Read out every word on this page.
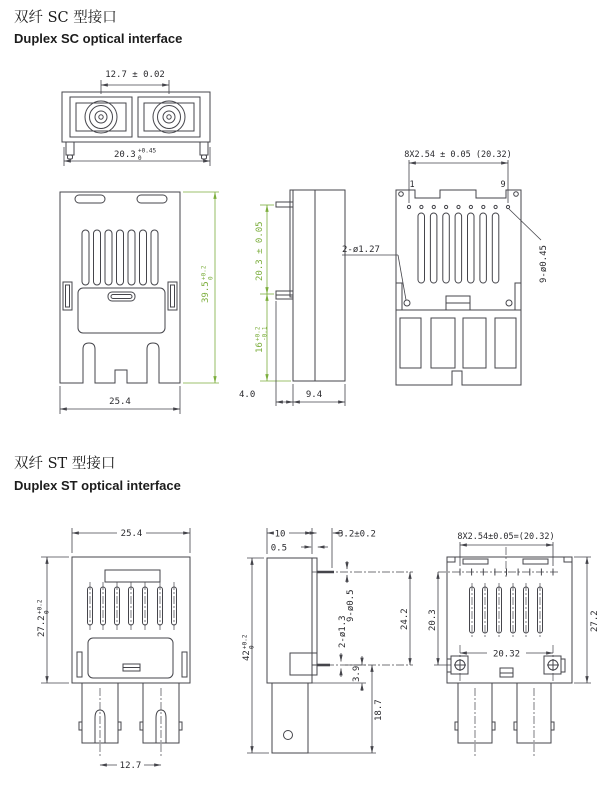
双纤 SC 型接口
Duplex SC optical interface
12.7 ± 0.02
20.3 +0.45
0
25.4
39.5
+0.2 0	20.3 ± 0.05
16
+0.2 -0.1
4.0	9.4
8X2.54 ± 0.05 (20.32)
1	9
9-ø0.45
2-ø1.27
双纤 ST 型接口
Duplex ST optical interface
25.4
27.2
+0.2 0
12.7
10	3.2±0.2
0.5
9-ø0.5
2-ø1.3
42
+0.2 0
3.9
18.7
24.2
8X2.54±0.05=(20.32)
20.32
20.3	27.2
